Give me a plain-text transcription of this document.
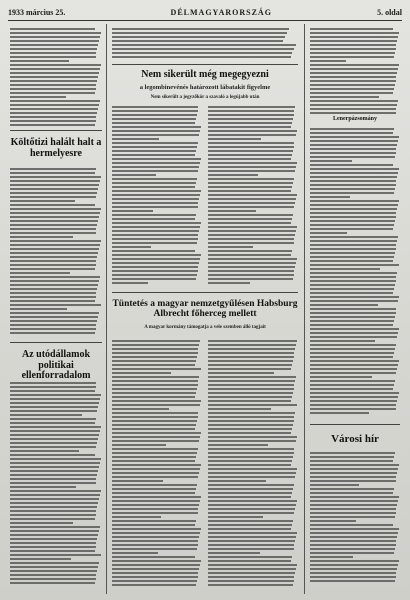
1933 március 25.	DÉLMAGYARORSZÁG	5. oldal
Költőtizi halált halt a hermelyesre
Az utódállamok politikai ellenforradalom
Nem sikerült még megegyezni
a legombinevénés határozott lábatakit figyelme
Nem sikerült a jegyzőkör a szavaló a legújabb után
Tüntetés a magyar nemzetgyűlésen Habsburg Albrecht főherceg mellett
A magyar kormány támogatja a vele szemben álló tagjait
Lenerpázsomány
Városi hír
